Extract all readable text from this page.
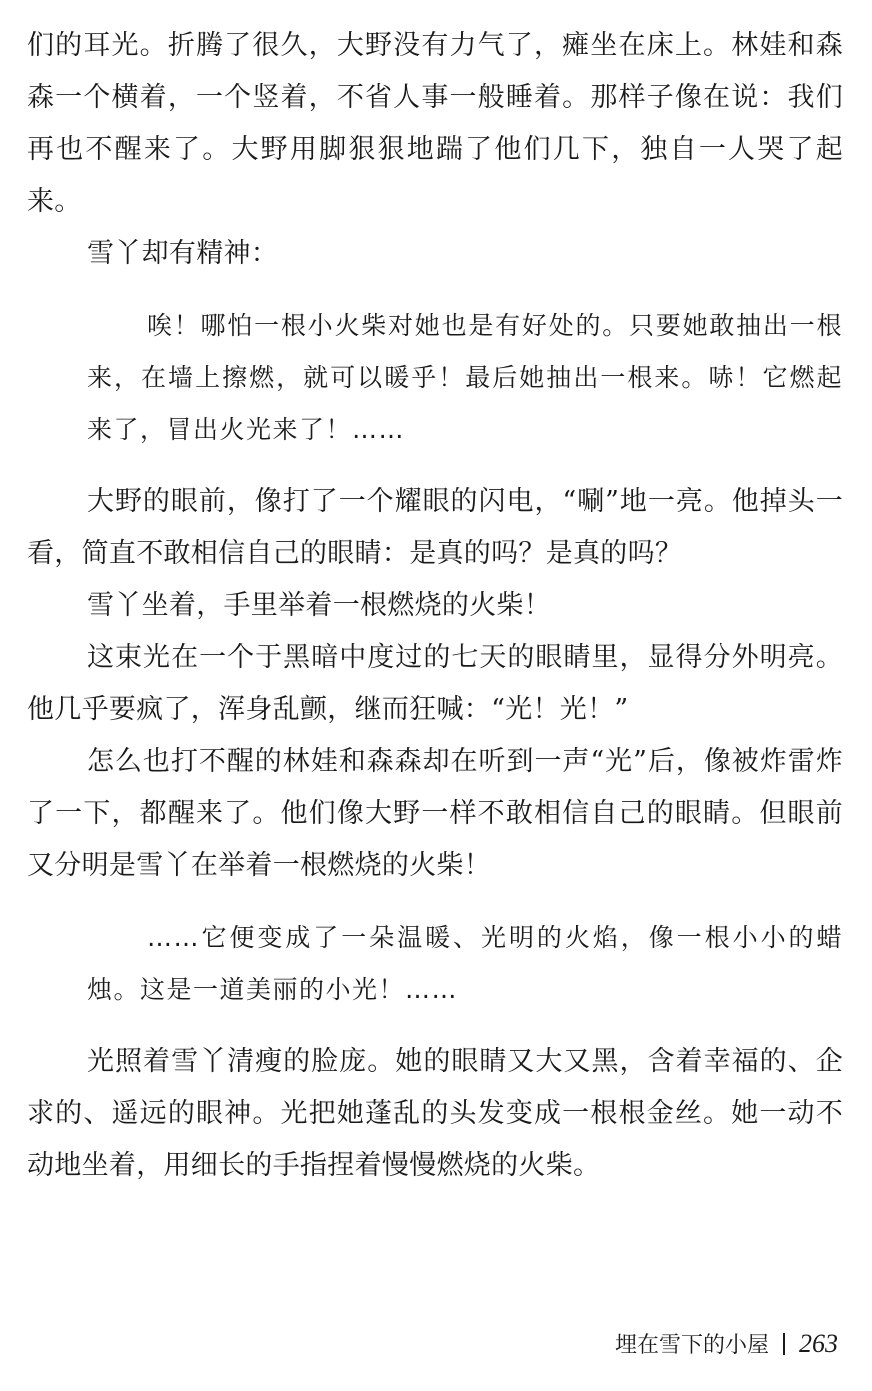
们的耳光。折腾了很久，大野没有力气了，瘫坐在床上。林娃和森森一个横着，一个竖着，不省人事一般睡着。那样子像在说：我们再也不醒来了。大野用脚狠狠地踹了他们几下，独自一人哭了起来。

雪丫却有精神：

唉！哪怕一根小火柴对她也是有好处的。只要她敢抽出一根来，在墙上擦燃，就可以暖乎！最后她抽出一根来。哧！它燃起来了，冒出火光来了！……

大野的眼前，像打了一个耀眼的闪电，“唰”地一亮。他掉头一看，简直不敢相信自己的眼睛：是真的吗？是真的吗？

雪丫坐着，手里举着一根燃烧的火柴！

这束光在一个于黑暗中度过的七天的眼睛里，显得分外明亮。他几乎要疯了，浑身乱颤，继而狂喊：“光！光！”

怎么也打不醒的林娃和森森却在听到一声“光”后，像被炸雷炸了一下，都醒来了。他们像大野一样不敢相信自己的眼睛。但眼前又分明是雪丫在举着一根燃烧的火柴！

……它便变成了一朵温暖、光明的火焰，像一根小小的蜡烛。这是一道美丽的小光！……

光照着雪丫清瘦的脸庞。她的眼睛又大又黑，含着幸福的、企求的、遥远的眼神。光把她蓬乱的头发变成一根根金丝。她一动不动地坐着，用细长的手指捏着慢慢燃烧的火柴。

埋在雪下的小屋 263
